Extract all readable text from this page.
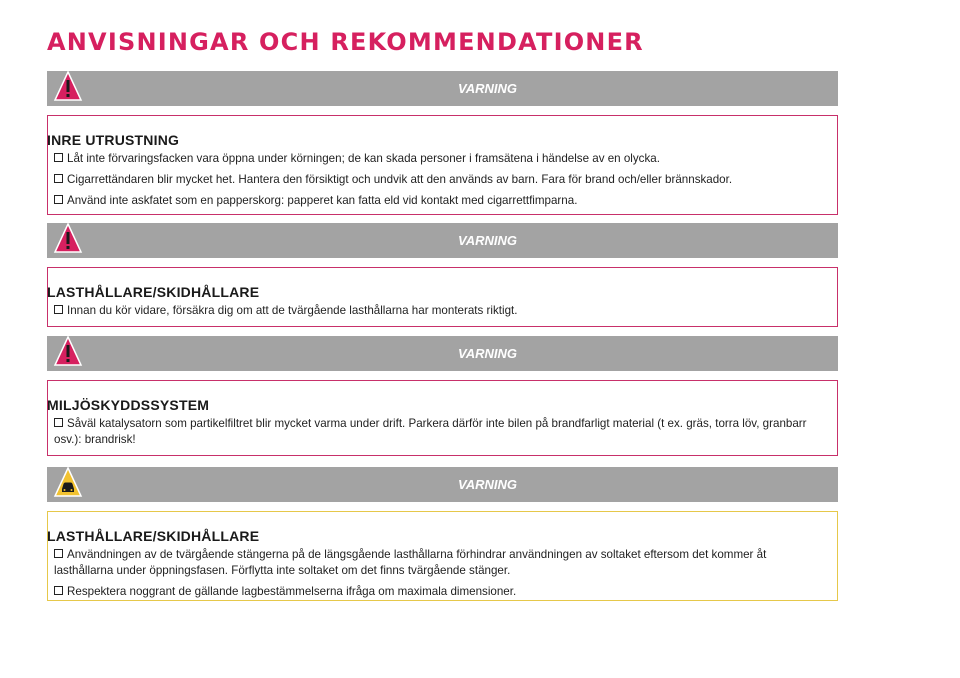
ANVISNINGAR OCH REKOMMENDATIONER
VARNING
INRE UTRUSTNING
Låt inte förvaringsfacken vara öppna under körningen; de kan skada personer i framsätena i händelse av en olycka.
Cigarrettändaren blir mycket het. Hantera den försiktigt och undvik att den används av barn. Fara för brand och/eller brännskador.
Använd inte askfatet som en papperskorg: papperet kan fatta eld vid kontakt med cigarrettfimparna.
VARNING
LASTHÅLLARE/SKIDHÅLLARE
Innan du kör vidare, försäkra dig om att de tvärgående lasthållarna har monterats riktigt.
VARNING
MILJÖSKYDDSSYSTEM
Såväl katalysatorn som partikelfiltret blir mycket varma under drift. Parkera därför inte bilen på brandfarligt material (t ex. gräs, torra löv, granbarr osv.): brandrisk!
VARNING
LASTHÅLLARE/SKIDHÅLLARE
Användningen av de tvärgående stängerna på de längsgående lasthållarna förhindrar användningen av soltaket eftersom det kommer åt lasthållarna under öppningsfasen. Förflytta inte soltaket om det finns tvärgående stänger.
Respektera noggrant de gällande lagbestämmelserna ifråga om maximala dimensioner.
